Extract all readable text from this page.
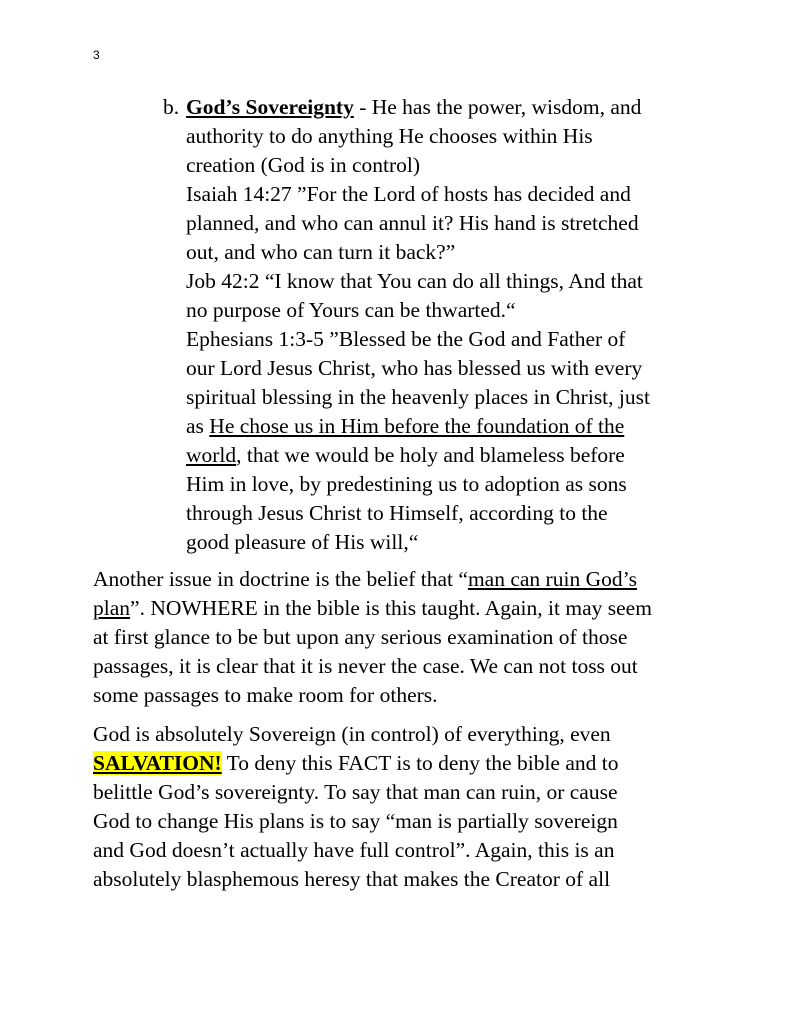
3
b. God’s Sovereignty - He has the power, wisdom, and
authority to do anything He chooses within His
creation (God is in control)
Isaiah 14:27 ”For the Lord of hosts has decided and
planned, and who can annul it? His hand is stretched
out, and who can turn it back?”
Job 42:2 “I know that You can do all things, And that
no purpose of Yours can be thwarted.“
Ephesians 1:3-5 ”Blessed be the God and Father of
our Lord Jesus Christ, who has blessed us with every
spiritual blessing in the heavenly places in Christ, just
as He chose us in Him before the foundation of the
world, that we would be holy and blameless before
Him in love, by predestining us to adoption as sons
through Jesus Christ to Himself, according to the
good pleasure of His will,“
Another issue in doctrine is the belief that “man can ruin God’s
plan”. NOWHERE in the bible is this taught. Again, it may seem
at first glance to be but upon any serious examination of those
passages, it is clear that it is never the case. We can not toss out
some passages to make room for others.
God is absolutely Sovereign (in control) of everything, even
SALVATION! To deny this FACT is to deny the bible and to
belittle God’s sovereignty. To say that man can ruin, or cause
God to change His plans is to say “man is partially sovereign
and God doesn’t actually have full control”. Again, this is an
absolutely blasphemous heresy that makes the Creator of all
